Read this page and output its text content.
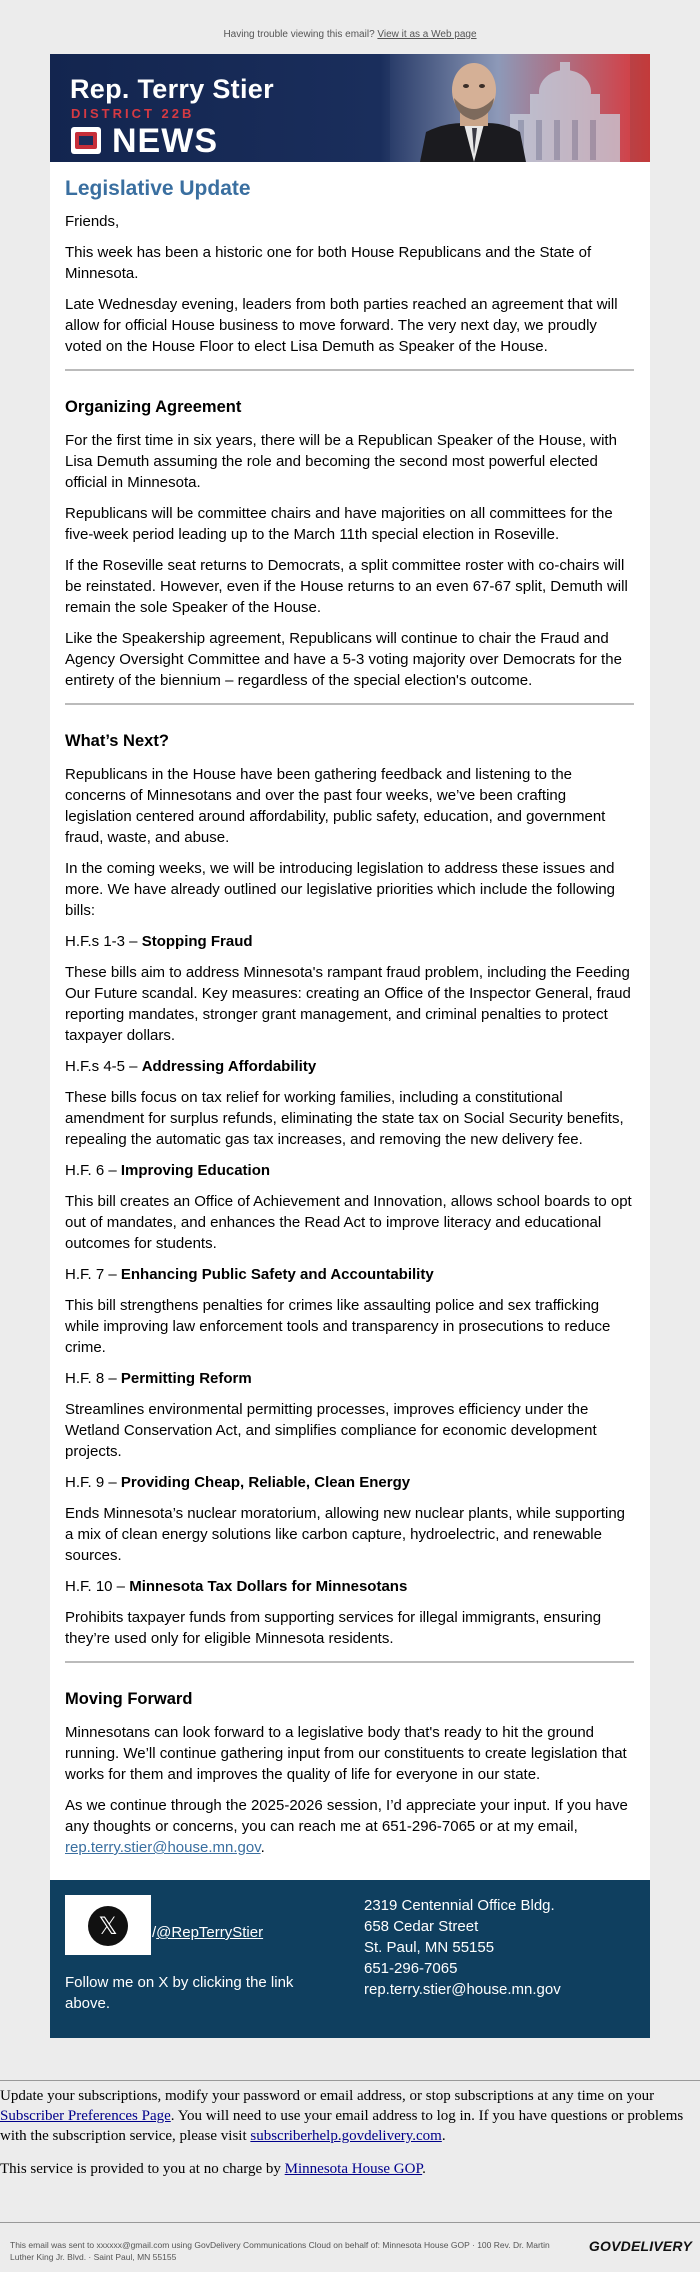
Having trouble viewing this email? View it as a Web page
Rep. Terry Stier
DISTRICT 22B
NEWS
Legislative Update

Friends,

This week has been a historic one for both House Republicans and the State of Minnesota.

Late Wednesday evening, leaders from both parties reached an agreement that will allow for official House business to move forward. The very next day, we proudly voted on the House Floor to elect Lisa Demuth as Speaker of the House.

Organizing Agreement

For the first time in six years, there will be a Republican Speaker of the House, with Lisa Demuth assuming the role and becoming the second most powerful elected official in Minnesota.

Republicans will be committee chairs and have majorities on all committees for the five-week period leading up to the March 11th special election in Roseville.

If the Roseville seat returns to Democrats, a split committee roster with co-chairs will be reinstated. However, even if the House returns to an even 67-67 split, Demuth will remain the sole Speaker of the House.

Like the Speakership agreement, Republicans will continue to chair the Fraud and Agency Oversight Committee and have a 5-3 voting majority over Democrats for the entirety of the biennium – regardless of the special election's outcome.

What’s Next?

Republicans in the House have been gathering feedback and listening to the concerns of Minnesotans and over the past four weeks, we’ve been crafting legislation centered around affordability, public safety, education, and government fraud, waste, and abuse.

In the coming weeks, we will be introducing legislation to address these issues and more. We have already outlined our legislative priorities which include the following bills:

H.F.s 1-3 – Stopping Fraud

These bills aim to address Minnesota's rampant fraud problem, including the Feeding Our Future scandal. Key measures: creating an Office of the Inspector General, fraud reporting mandates, stronger grant management, and criminal penalties to protect taxpayer dollars.

H.F.s 4-5 – Addressing Affordability

These bills focus on tax relief for working families, including a constitutional amendment for surplus refunds, eliminating the state tax on Social Security benefits, repealing the automatic gas tax increases, and removing the new delivery fee.

H.F. 6 – Improving Education

This bill creates an Office of Achievement and Innovation, allows school boards to opt out of mandates, and enhances the Read Act to improve literacy and educational outcomes for students.

H.F. 7 – Enhancing Public Safety and Accountability

This bill strengthens penalties for crimes like assaulting police and sex trafficking while improving law enforcement tools and transparency in prosecutions to reduce crime.

H.F. 8 – Permitting Reform

Streamlines environmental permitting processes, improves efficiency under the Wetland Conservation Act, and simplifies compliance for economic development projects.

H.F. 9 – Providing Cheap, Reliable, Clean Energy

Ends Minnesota’s nuclear moratorium, allowing new nuclear plants, while supporting a mix of clean energy solutions like carbon capture, hydroelectric, and renewable sources.

H.F. 10 – Minnesota Tax Dollars for Minnesotans

Prohibits taxpayer funds from supporting services for illegal immigrants, ensuring they’re used only for eligible Minnesota residents.

Moving Forward

Minnesotans can look forward to a legislative body that's ready to hit the ground running. We’ll continue gathering input from our constituents to create legislation that works for them and improves the quality of life for everyone in our state.

As we continue through the 2025-2026 session, I’d appreciate your input. If you have any thoughts or concerns, you can reach me at 651-296-7065 or at my email, rep.terry.stier@house.mn.gov.

𝕏	/@RepTerryStier
Follow me on X by clicking the link above.
2319 Centennial Office Bldg.
658 Cedar Street
St. Paul, MN 55155
651-296-7065
rep.terry.stier@house.mn.gov

Update your subscriptions, modify your password or email address, or stop subscriptions at any time on your Subscriber Preferences Page. You will need to use your email address to log in. If you have questions or problems with the subscription service, please visit subscriberhelp.govdelivery.com.

This service is provided to you at no charge by Minnesota House GOP.

This email was sent to xxxxxx@gmail.com using GovDelivery Communications Cloud on behalf of: Minnesota House GOP · 100 Rev. Dr. Martin Luther King Jr. Blvd. · Saint Paul, MN 55155
GOVDELIVERY
